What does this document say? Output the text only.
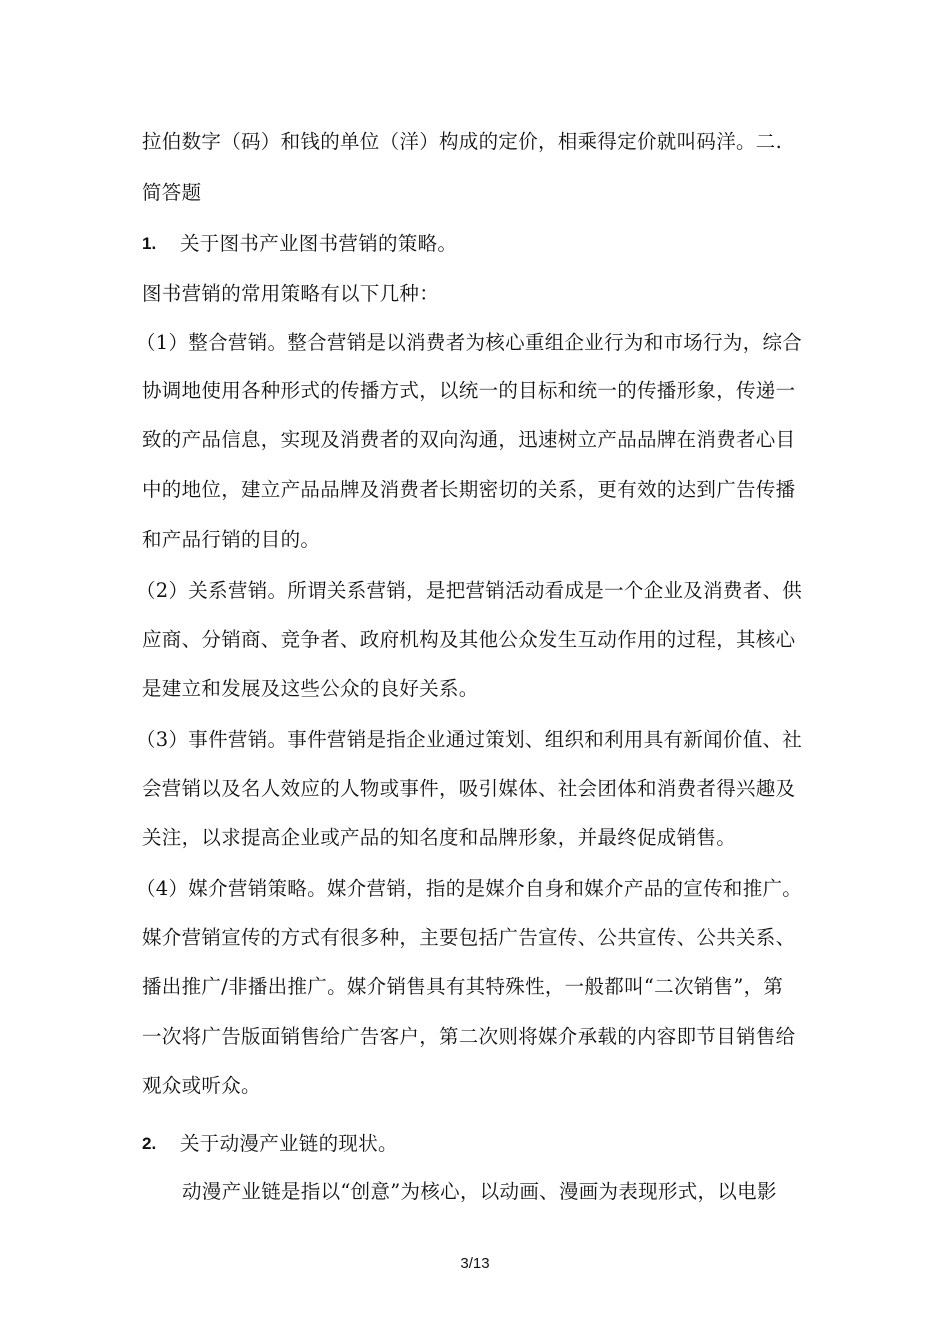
拉伯数字（码）和钱的单位（洋）构成的定价，相乘得定价就叫码洋。二.
简答题
1. 关于图书产业图书营销的策略。
图书营销的常用策略有以下几种：
（1）整合营销。整合营销是以消费者为核心重组企业行为和市场行为，综合
协调地使用各种形式的传播方式，以统一的目标和统一的传播形象，传递一
致的产品信息，实现及消费者的双向沟通，迅速树立产品品牌在消费者心目
中的地位，建立产品品牌及消费者长期密切的关系，更有效的达到广告传播
和产品行销的目的。
（2）关系营销。所谓关系营销，是把营销活动看成是一个企业及消费者、供
应商、分销商、竞争者、政府机构及其他公众发生互动作用的过程，其核心
是建立和发展及这些公众的良好关系。
（3）事件营销。事件营销是指企业通过策划、组织和利用具有新闻价值、社
会营销以及名人效应的人物或事件，吸引媒体、社会团体和消费者得兴趣及
关注，以求提高企业或产品的知名度和品牌形象，并最终促成销售。
（4）媒介营销策略。媒介营销，指的是媒介自身和媒介产品的宣传和推广。
媒介营销宣传的方式有很多种，主要包括广告宣传、公共宣传、公共关系、
播出推广/非播出推广。媒介销售具有其特殊性，一般都叫“二次销售”，第
一次将广告版面销售给广告客户，第二次则将媒介承载的内容即节目销售给
观众或听众。
2. 关于动漫产业链的现状。
动漫产业链是指以“创意”为核心，以动画、漫画为表现形式，以电影
3/13
